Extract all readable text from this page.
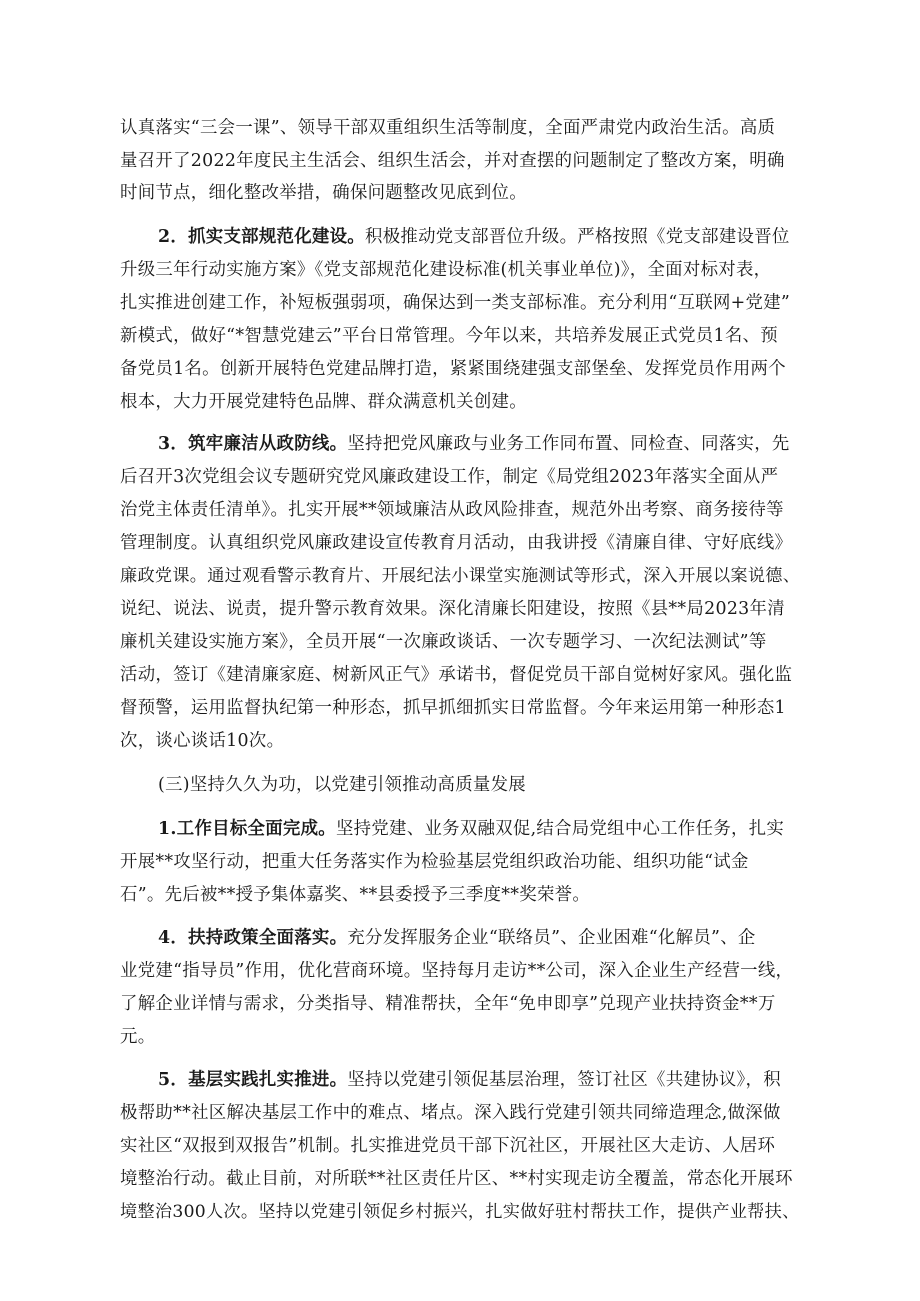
认真落实“三会一课”、领导干部双重组织生活等制度，全面严肃党内政治生活。高质

量召开了2022年度民主生活会、组织生活会，并对查摆的问题制定了整改方案，明确

时间节点，细化整改举措，确保问题整改见底到位。

2．抓实支部规范化建设。积极推动党支部晋位升级。严格按照《党支部建设晋位

升级三年行动实施方案》《党支部规范化建设标准(机关事业单位)》，全面对标对表，

扎实推进创建工作，补短板强弱项，确保达到一类支部标准。充分利用“互联网+党建”

新模式，做好“*智慧党建云”平台日常管理。今年以来，共培养发展正式党员1名、预

备党员1名。创新开展特色党建品牌打造，紧紧围绕建强支部堡垒、发挥党员作用两个

根本，大力开展党建特色品牌、群众满意机关创建。

3．筑牢廉洁从政防线。坚持把党风廉政与业务工作同布置、同检查、同落实，先

后召开3次党组会议专题研究党风廉政建设工作，制定《局党组2023年落实全面从严

治党主体责任清单》。扎实开展**领域廉洁从政风险排查，规范外出考察、商务接待等

管理制度。认真组织党风廉政建设宣传教育月活动，由我讲授《清廉自律、守好底线》

廉政党课。通过观看警示教育片、开展纪法小课堂实施测试等形式，深入开展以案说德、

说纪、说法、说责，提升警示教育效果。深化清廉长阳建设，按照《县**局2023年清

廉机关建设实施方案》，全员开展“一次廉政谈话、一次专题学习、一次纪法测试”等

活动，签订《建清廉家庭、树新风正气》承诺书，督促党员干部自觉树好家风。强化监

督预警，运用监督执纪第一种形态，抓早抓细抓实日常监督。今年来运用第一种形态1

次，谈心谈话10次。

(三)坚持久久为功，以党建引领推动高质量发展

1.工作目标全面完成。坚持党建、业务双融双促,结合局党组中心工作任务，扎实

开展**攻坚行动，把重大任务落实作为检验基层党组织政治功能、组织功能“试金

石”。先后被**授予集体嘉奖、**县委授予三季度**奖荣誉。

4．扶持政策全面落实。充分发挥服务企业“联络员”、企业困难“化解员”、企

业党建“指导员”作用，优化营商环境。坚持每月走访**公司，深入企业生产经营一线，

了解企业详情与需求，分类指导、精准帮扶，全年“免申即享”兑现产业扶持资金**万

元。

5．基层实践扎实推进。坚持以党建引领促基层治理，签订社区《共建协议》，积

极帮助**社区解决基层工作中的难点、堵点。深入践行党建引领共同缔造理念,做深做

实社区“双报到双报告”机制。扎实推进党员干部下沉社区，开展社区大走访、人居环

境整治行动。截止目前，对所联**社区责任片区、**村实现走访全覆盖，常态化开展环

境整治300人次。坚持以党建引领促乡村振兴，扎实做好驻村帮扶工作，提供产业帮扶、
